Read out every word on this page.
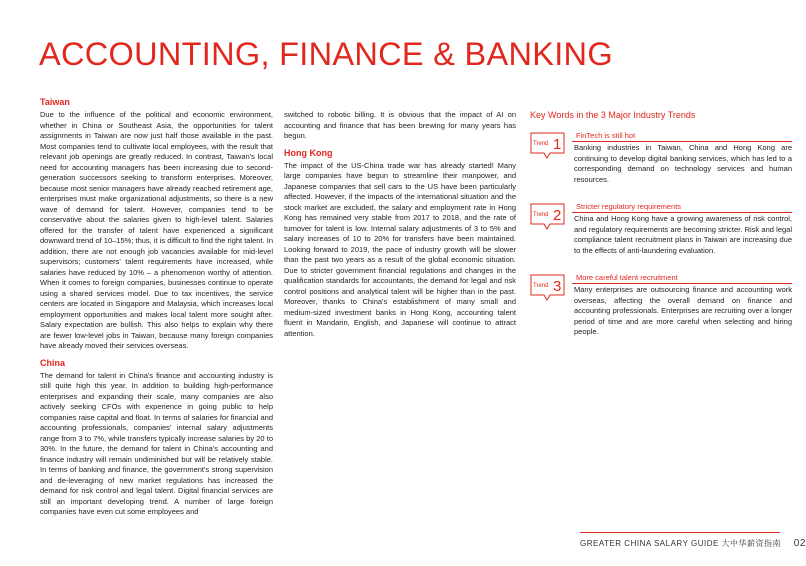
ACCOUNTING, FINANCE & BANKING
Taiwan

Due to the influence of the political and economic environment, whether in China or Southeast Asia, the opportunities for talent assignments in Taiwan are now just half those available in the past. Most companies tend to cultivate local employees, with the result that relevant job openings are greatly reduced. In contrast, Taiwan's local need for accounting managers has been increasing due to second-generation successors seeking to transform enterprises. Moreover, because most senior managers have already reached retirement age, enterprises must make organizational adjustments, so there is a new wave of demand for talent. However, companies tend to be conservative about the salaries given to high-level talent. Salaries offered for the transfer of talent have experienced a significant downward trend of 10–15%; thus, it is difficult to find the right talent. In addition, there are not enough job vacancies available for mid-level supervisors; customers' talent requirements have increased, while salaries have reduced by 10% – a phenomenon worthy of attention. When it comes to foreign companies, businesses continue to operate using a shared services model. Due to tax incentives, the service centers are located in Singapore and Malaysia, which increases local employment opportunities and makes local talent more sought after. Salary expectation are bullish. This also helps to explain why there are fewer low-level jobs in Taiwan, because many foreign companies have already moved their services overseas.

China

The demand for talent in China's finance and accounting industry is still quite high this year. In addition to building high-performance enterprises and expanding their scale, many companies are also actively seeking CFOs with experience in going public to help companies raise capital and float. In terms of salaries for financial and accounting professionals, companies' internal salary adjustments range from 3 to 7%, while transfers typically increase salaries by 20 to 30%. In the future, the demand for talent in China's accounting and finance industry will remain undiminished but will be relatively stable. In terms of banking and finance, the government's strong supervision and de-leveraging of new market regulations has increased the demand for risk control and legal talent. Digital financial services are still an important developing trend. A number of large foreign companies have even cut some employees and

switched to robotic billing. It is obvious that the impact of AI on accounting and finance that has been brewing for many years has begun.

Hong Kong

The impact of the US-China trade war has already started! Many large companies have begun to streamline their manpower, and Japanese companies that sell cars to the US have been particularly affected. However, if the impacts of the international situation and the stock market are excluded, the salary and employment rate in Hong Kong has remained very stable from 2017 to 2018, and the rate of turnover for talent is low. Internal salary adjustments of 3 to 5% and salary increases of 10 to 20% for transfers have been maintained. Looking forward to 2019, the pace of industry growth will be slower than the past two years as a result of the global economic situation. Due to stricter government financial regulations and changes in the qualification standards for accountants, the demand for legal and risk control positions and analytical talent will be higher than in the past. Moreover, thanks to China's establishment of many small and medium-sized investment banks in Hong Kong, accounting talent fluent in Mandarin, English, and Japanese will continue to attract attention.

Key Words in the 3 Major Industry Trends
Trend 1
FinTech is still hot
Banking industries in Taiwan, China and Hong Kong are continuing to develop digital banking services, which has led to a corresponding demand on technology services and human resources.
Trend 2
Stricter regulatory requirements
China and Hong Kong have a growing awareness of risk control, and regulatory requirements are becoming stricter. Risk and legal compliance talent recruitment plans in Taiwan are increasing due to the effects of anti-laundering evaluation.
Trend 3
More careful talent recruitment
Many enterprises are outsourcing finance and accounting work overseas, affecting the overall demand on finance and accounting professionals. Enterprises are recruiting over a longer period of time and are more careful when selecting and hiring people.
GREATER CHINA SALARY GUIDE 大中华薪资指南 02
